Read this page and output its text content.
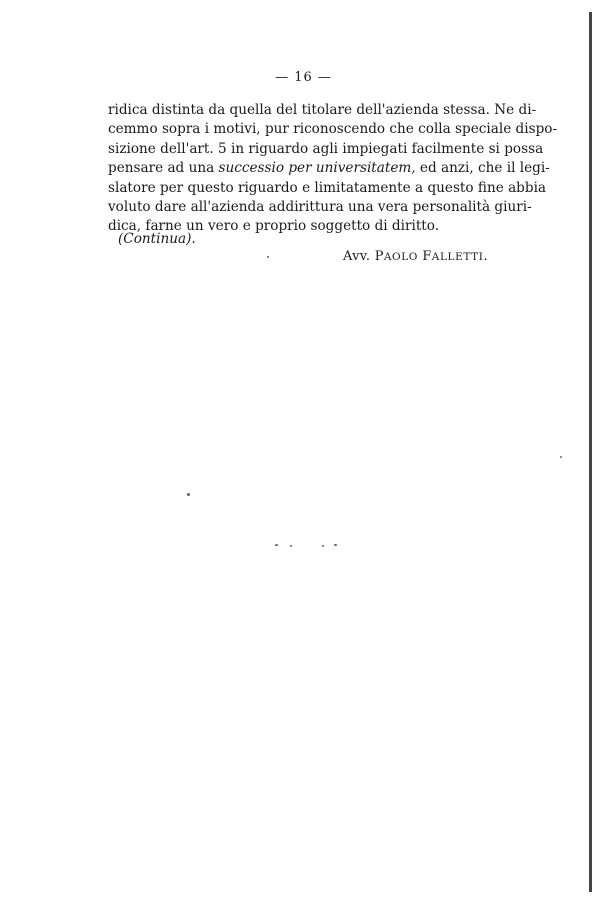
— 16 —
ridica distinta da quella del titolare dell'azienda stessa. Ne di-
cemmo sopra i motivi, pur riconoscendo che colla speciale dispo-
sizione dell'art. 5 in riguardo agli impiegati facilmente si possa
pensare ad una successio per universitatem, ed anzi, che il legi-
slatore per questo riguardo e limitatamente a questo fine abbia
voluto dare all'azienda addirittura una vera personalità giuri-
dica, farne un vero e proprio soggetto di diritto.
(Continua).
Avv. PAOLO FALLETTI.
